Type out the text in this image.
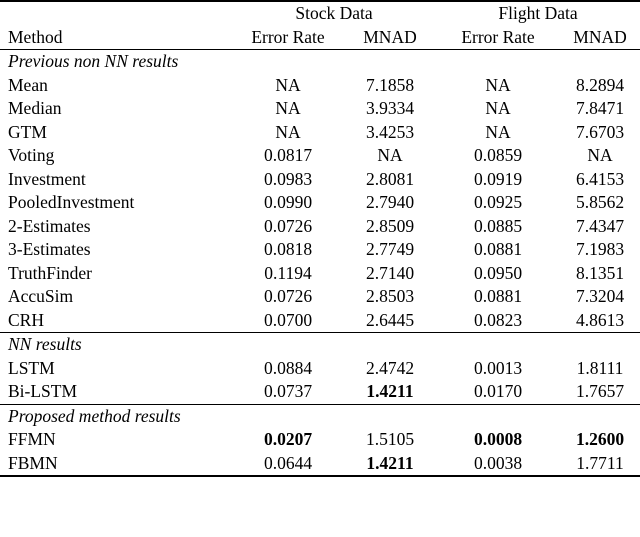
	Stock Data		Flight Data	
Method	Error Rate	MNAD	Error Rate	MNAD
Previous non NN results				
Mean	NA	7.1858	NA	8.2894
Median	NA	3.9334	NA	7.8471
GTM	NA	3.4253	NA	7.6703
Voting	0.0817	NA	0.0859	NA
Investment	0.0983	2.8081	0.0919	6.4153
PooledInvestment	0.0990	2.7940	0.0925	5.8562
2-Estimates	0.0726	2.8509	0.0885	7.4347
3-Estimates	0.0818	2.7749	0.0881	7.1983
TruthFinder	0.1194	2.7140	0.0950	8.1351
AccuSim	0.0726	2.8503	0.0881	7.3204
CRH	0.0700	2.6445	0.0823	4.8613
NN results				
LSTM	0.0884	2.4742	0.0013	1.8111
Bi-LSTM	0.0737	1.4211	0.0170	1.7657
Proposed method results				
FFMN	0.0207	1.5105	0.0008	1.2600
FBMN	0.0644	1.4211	0.0038	1.7711
